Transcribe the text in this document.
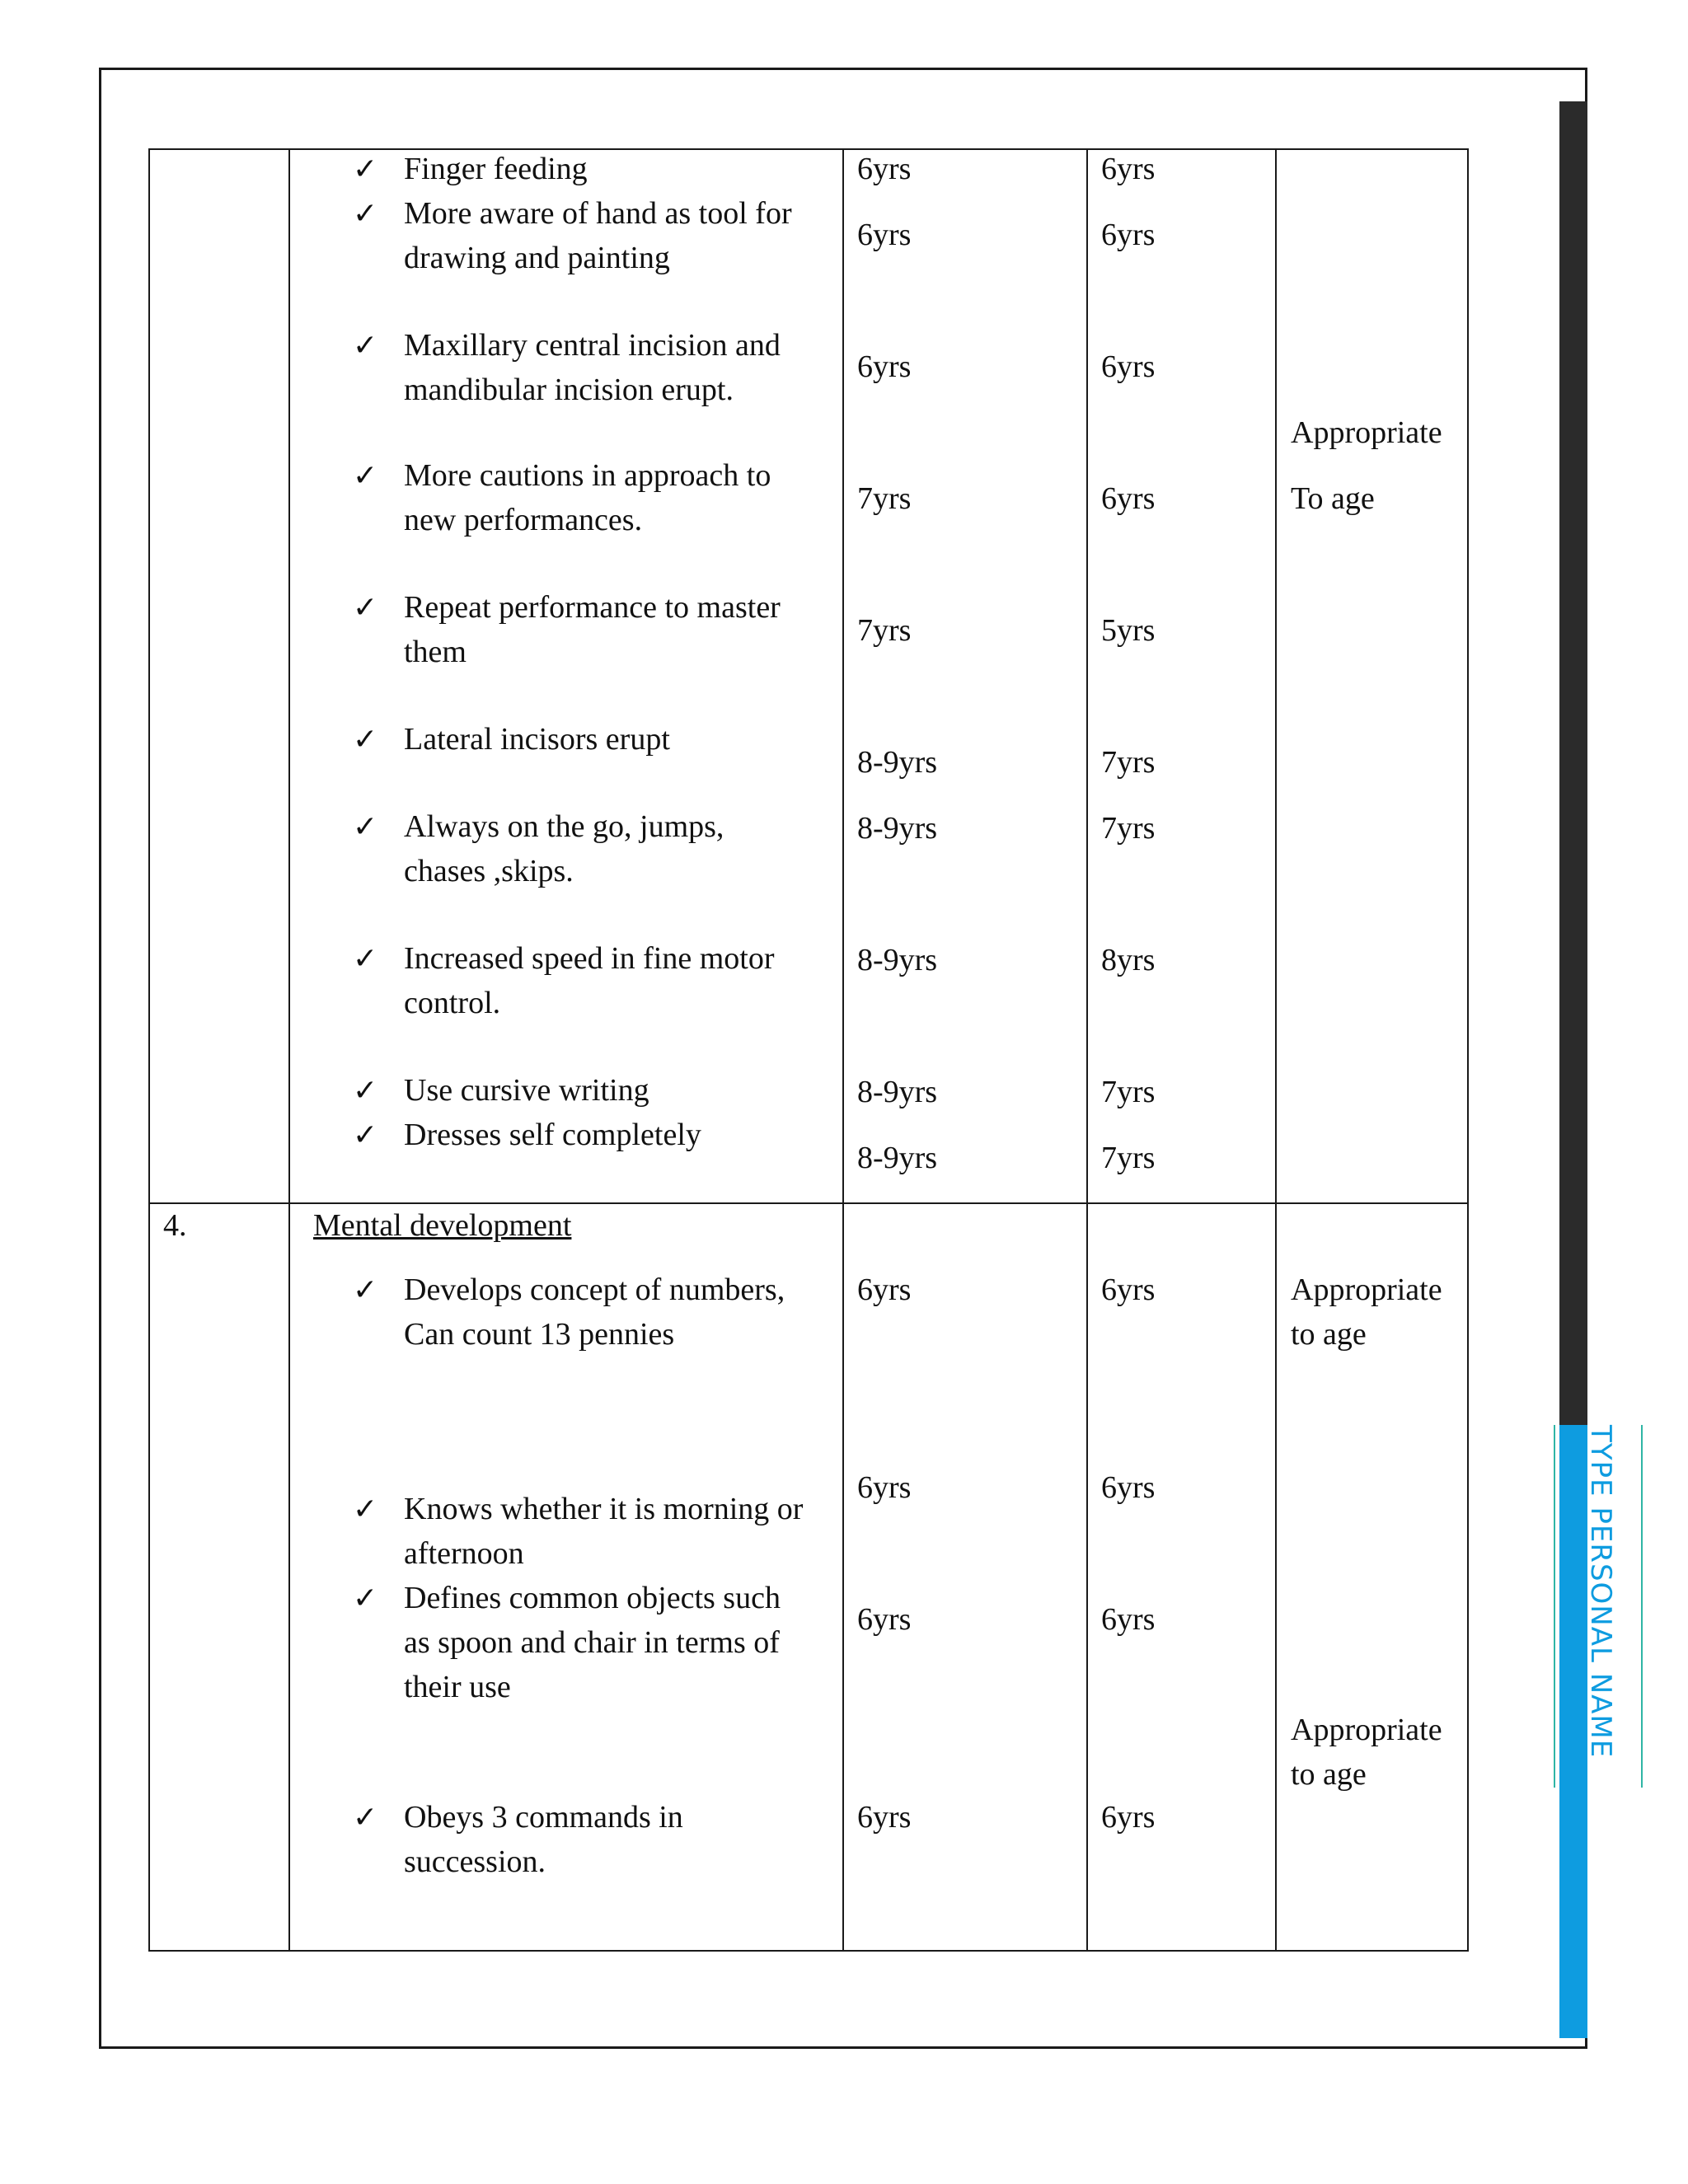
TYPE PERSONAL NAME
✓ Finger feeding
✓ More aware of hand as tool for
drawing and painting
✓ Maxillary central incision and
mandibular incision erupt.
✓ More cautions in approach to
new performances.
✓ Repeat performance to master
them
✓ Lateral incisors erupt
✓ Always on the go, jumps,
chases ,skips.
✓ Increased speed in fine motor
control.
✓ Use cursive writing
✓ Dresses self completely
6yrs
6yrs
6yrs
7yrs
7yrs
8-9yrs
8-9yrs
8-9yrs
8-9yrs
8-9yrs
6yrs
6yrs
6yrs
6yrs
5yrs
7yrs
7yrs
8yrs
7yrs
7yrs
Appropriate
To age
4.	Mental development
✓ Develops concept of numbers,
Can count 13 pennies
✓ Knows whether it is morning or
afternoon
✓ Defines common objects such
as spoon and chair in terms of
their use
✓ Obeys 3 commands in
succession.
6yrs
6yrs
6yrs
6yrs
6yrs
6yrs
6yrs
6yrs
Appropriate
to age
Appropriate
to age
